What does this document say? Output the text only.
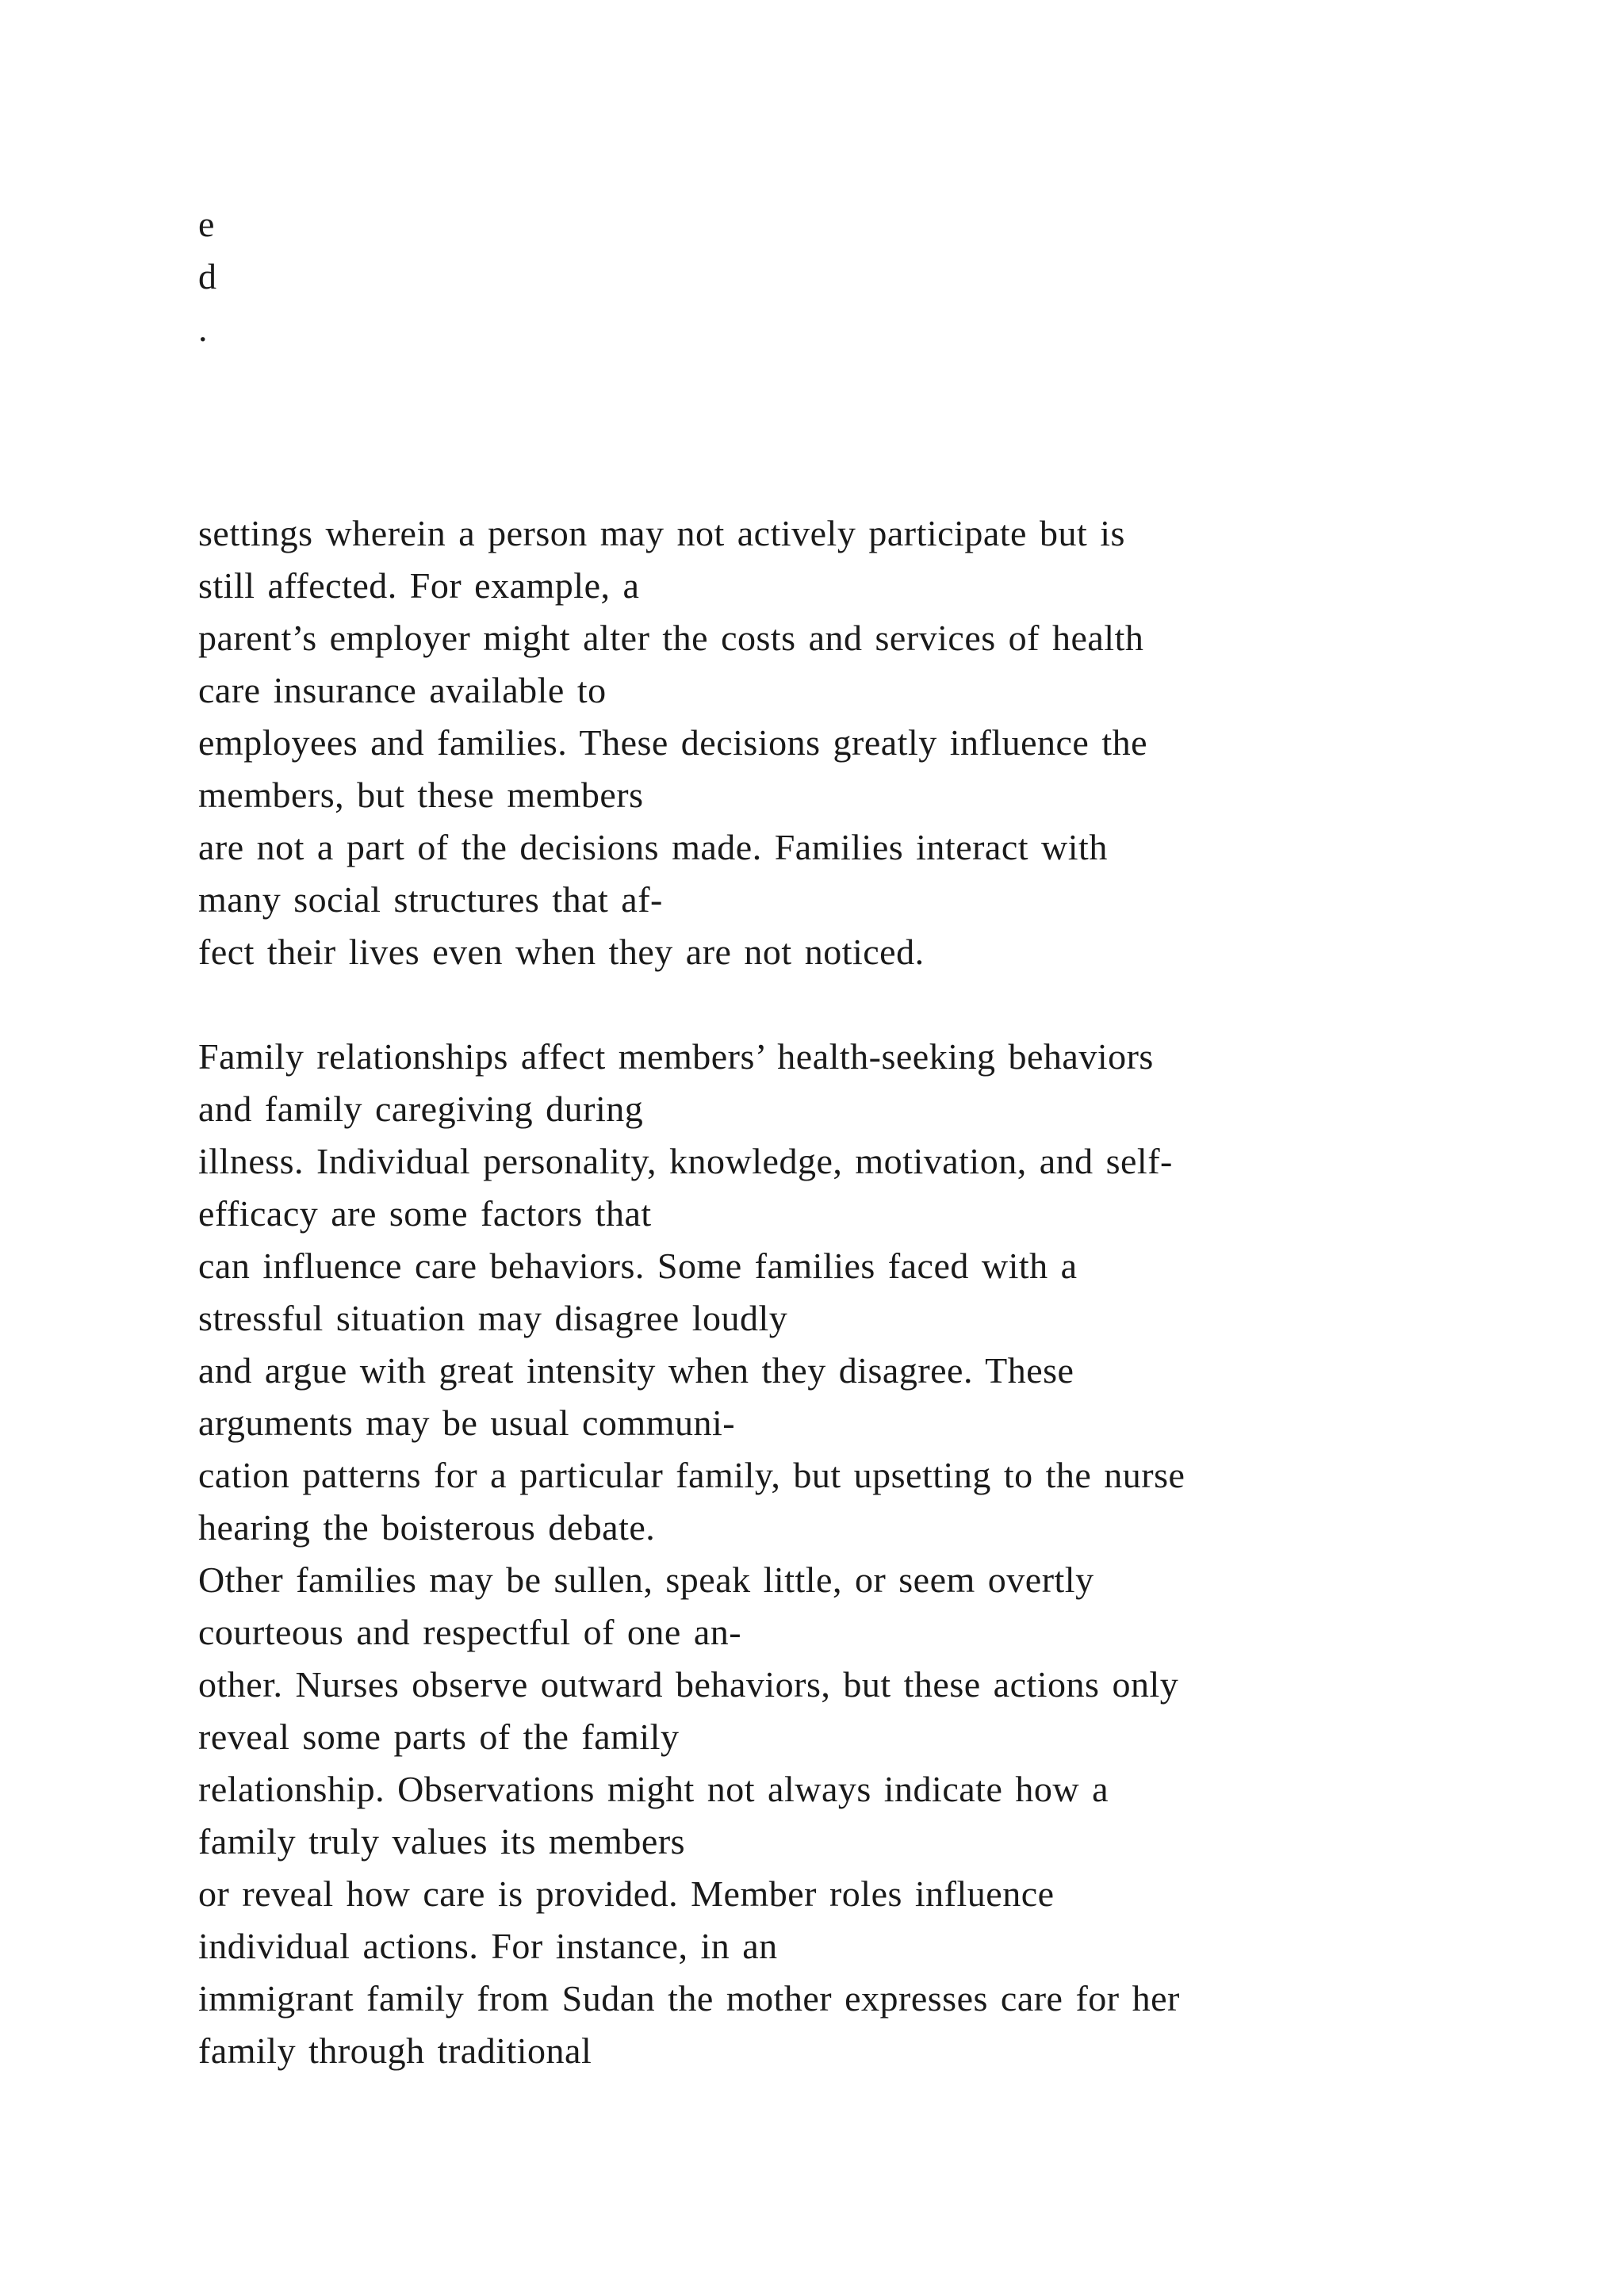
e
d
.
settings wherein a person may not actively participate but is
still affected. For example, a
parent’s employer might alter the costs and services of health
care insurance available to
employees and families. These decisions greatly influence the
members, but these members
are not a part of the decisions made. Families interact with
many social structures that af-
fect their lives even when they are not noticed.
Family relationships affect members’ health-seeking behaviors
and family caregiving during
illness. Individual personality, knowledge, motivation, and self-
efficacy are some factors that
can influence care behaviors. Some families faced with a
stressful situation may disagree loudly
and argue with great intensity when they disagree. These
arguments may be usual communi-
cation patterns for a particular family, but upsetting to the nurse
hearing the boisterous debate.
Other families may be sullen, speak little, or seem overtly
courteous and respectful of one an-
other. Nurses observe outward behaviors, but these actions only
reveal some parts of the family
relationship. Observations might not always indicate how a
family truly values its members
or reveal how care is provided. Member roles influence
individual actions. For instance, in an
immigrant family from Sudan the mother expresses care for her
family through traditional
